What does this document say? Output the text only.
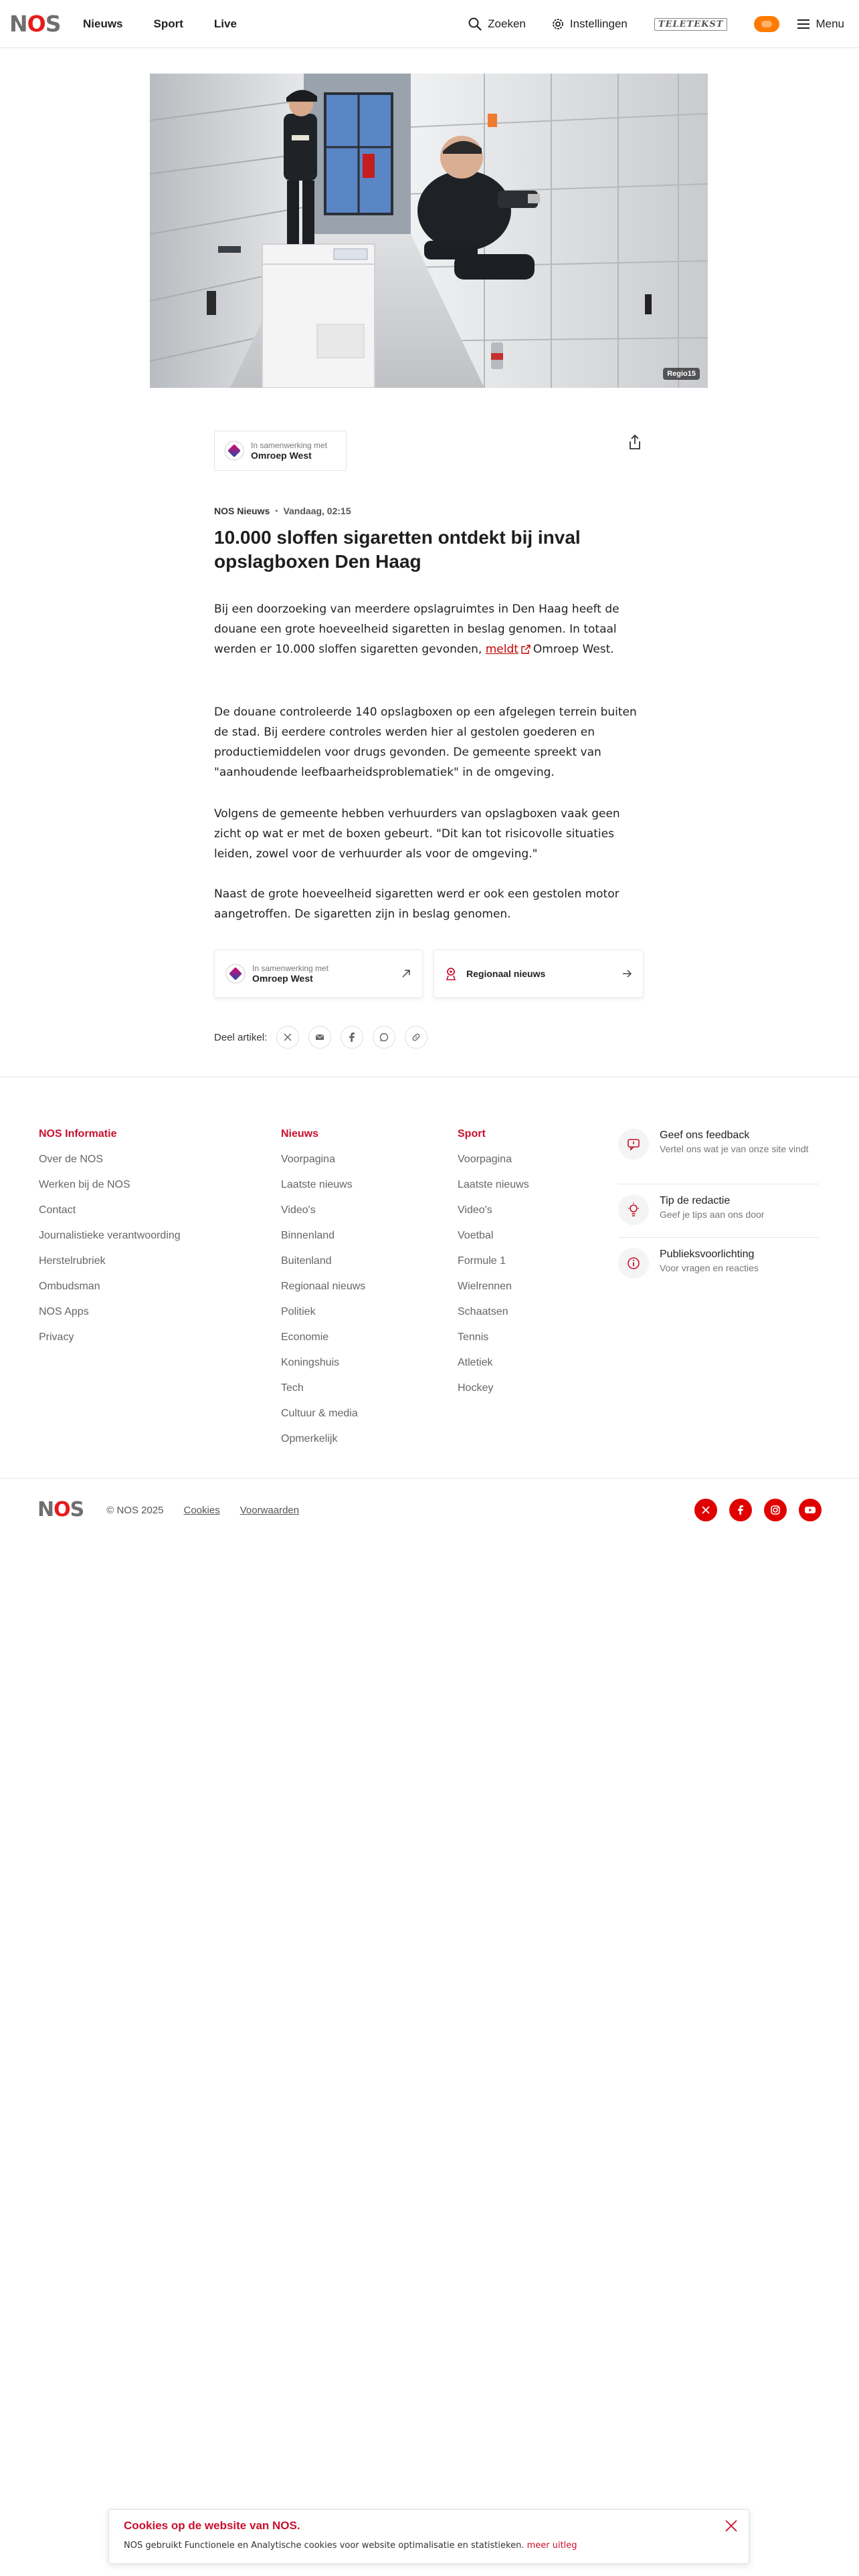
NOS Nieuws	Sport	Live	Zoeken	Instellingen	TELETEKST	Menu
Regio15
In samenwerking met
Omroep West
NOS Nieuws • Vandaag, 02:15
10.000 sloffen sigaretten ontdekt bij inval opslagboxen Den Haag

Bij een doorzoeking van meerdere opslagruimtes in Den Haag heeft de douane een grote hoeveelheid sigaretten in beslag genomen. In totaal werden er 10.000 sloffen sigaretten gevonden, meldt Omroep West.

De douane controleerde 140 opslagboxen op een afgelegen terrein buiten de stad. Bij eerdere controles werden hier al gestolen goederen en productiemiddelen voor drugs gevonden. De gemeente spreekt van "aanhoudende leefbaarheidsproblematiek" in de omgeving.

Volgens de gemeente hebben verhuurders van opslagboxen vaak geen zicht op wat er met de boxen gebeurt. "Dit kan tot risicovolle situaties leiden, zowel voor de verhuurder als voor de omgeving."

Naast de grote hoeveelheid sigaretten werd er ook een gestolen motor aangetroffen. De sigaretten zijn in beslag genomen.

In samenwerking met
Omroep West	Regionaal nieuws
Deel artikel:
NOS Informatie
Over de NOS
Werken bij de NOS
Contact
Journalistieke verantwoording
Herstelrubriek
Ombudsman
NOS Apps
Privacy
Nieuws
Voorpagina
Laatste nieuws
Video's
Binnenland
Buitenland
Regionaal nieuws
Politiek
Economie
Koningshuis
Tech
Cultuur & media
Opmerkelijk
Sport
Voorpagina
Laatste nieuws
Video's
Voetbal
Formule 1
Wielrennen
Schaatsen
Tennis
Atletiek
Hockey
Geef ons feedback
Vertel ons wat je van onze site vindt
Tip de redactie
Geef je tips aan ons door
Publieksvoorlichting
Voor vragen en reacties
NOS © NOS 2025 Cookies Voorwaarden
Cookies op de website van NOS.
NOS gebruikt Functionele en Analytische cookies voor website optimalisatie en statistieken. meer uitleg
